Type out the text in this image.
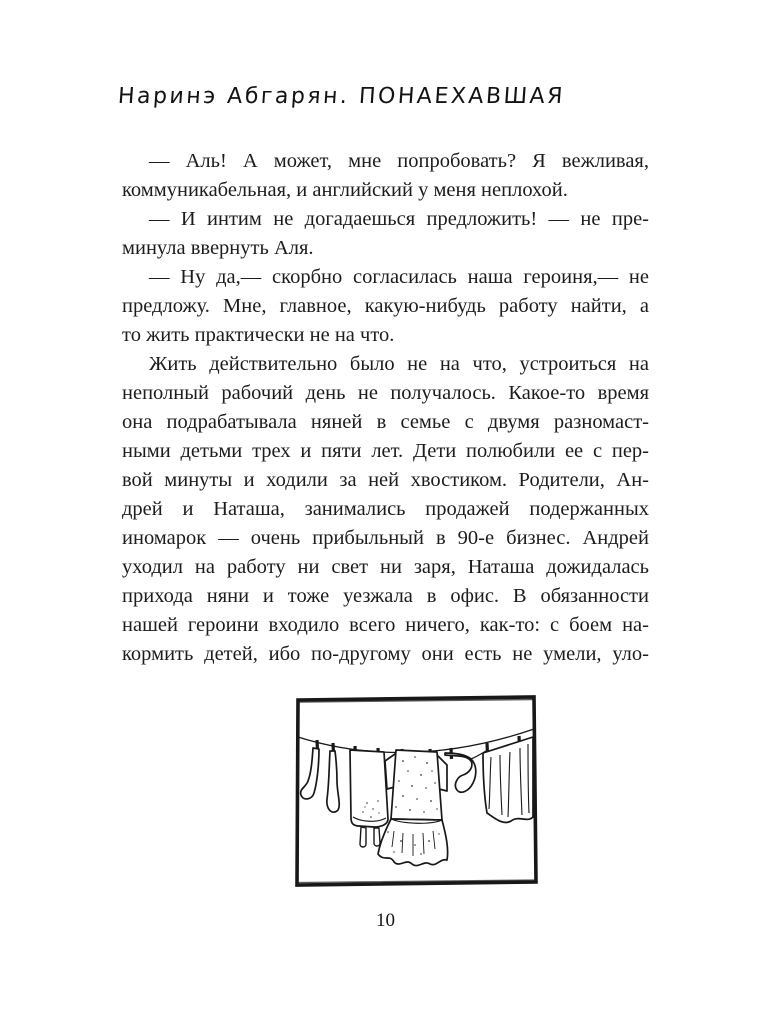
Наринэ Абгарян. ПОНАЕХАВШАЯ
— Аль! А может, мне попробовать? Я вежливая,
коммуникабельная, и английский у меня неплохой.
— И интим не догадаешься предложить! — не пре-
минула ввернуть Аля.
— Ну да,— скорбно согласилась наша героиня,— не
предложу. Мне, главное, какую-нибудь работу найти, а
то жить практически не на что.
Жить действительно было не на что, устроиться на
неполный рабочий день не получалось. Какое-то время
она подрабатывала няней в семье с двумя разномаст-
ными детьми трех и пяти лет. Дети полюбили ее с пер-
вой минуты и ходили за ней хвостиком. Родители, Ан-
дрей и Наташа, занимались продажей подержанных
иномарок — очень прибыльный в 90-е бизнес. Андрей
уходил на работу ни свет ни заря, Наташа дожидалась
прихода няни и тоже уезжала в офис. В обязанности
нашей героини входило всего ничего, как-то: с боем на-
кормить детей, ибо по-другому они есть не умели, уло-
10
